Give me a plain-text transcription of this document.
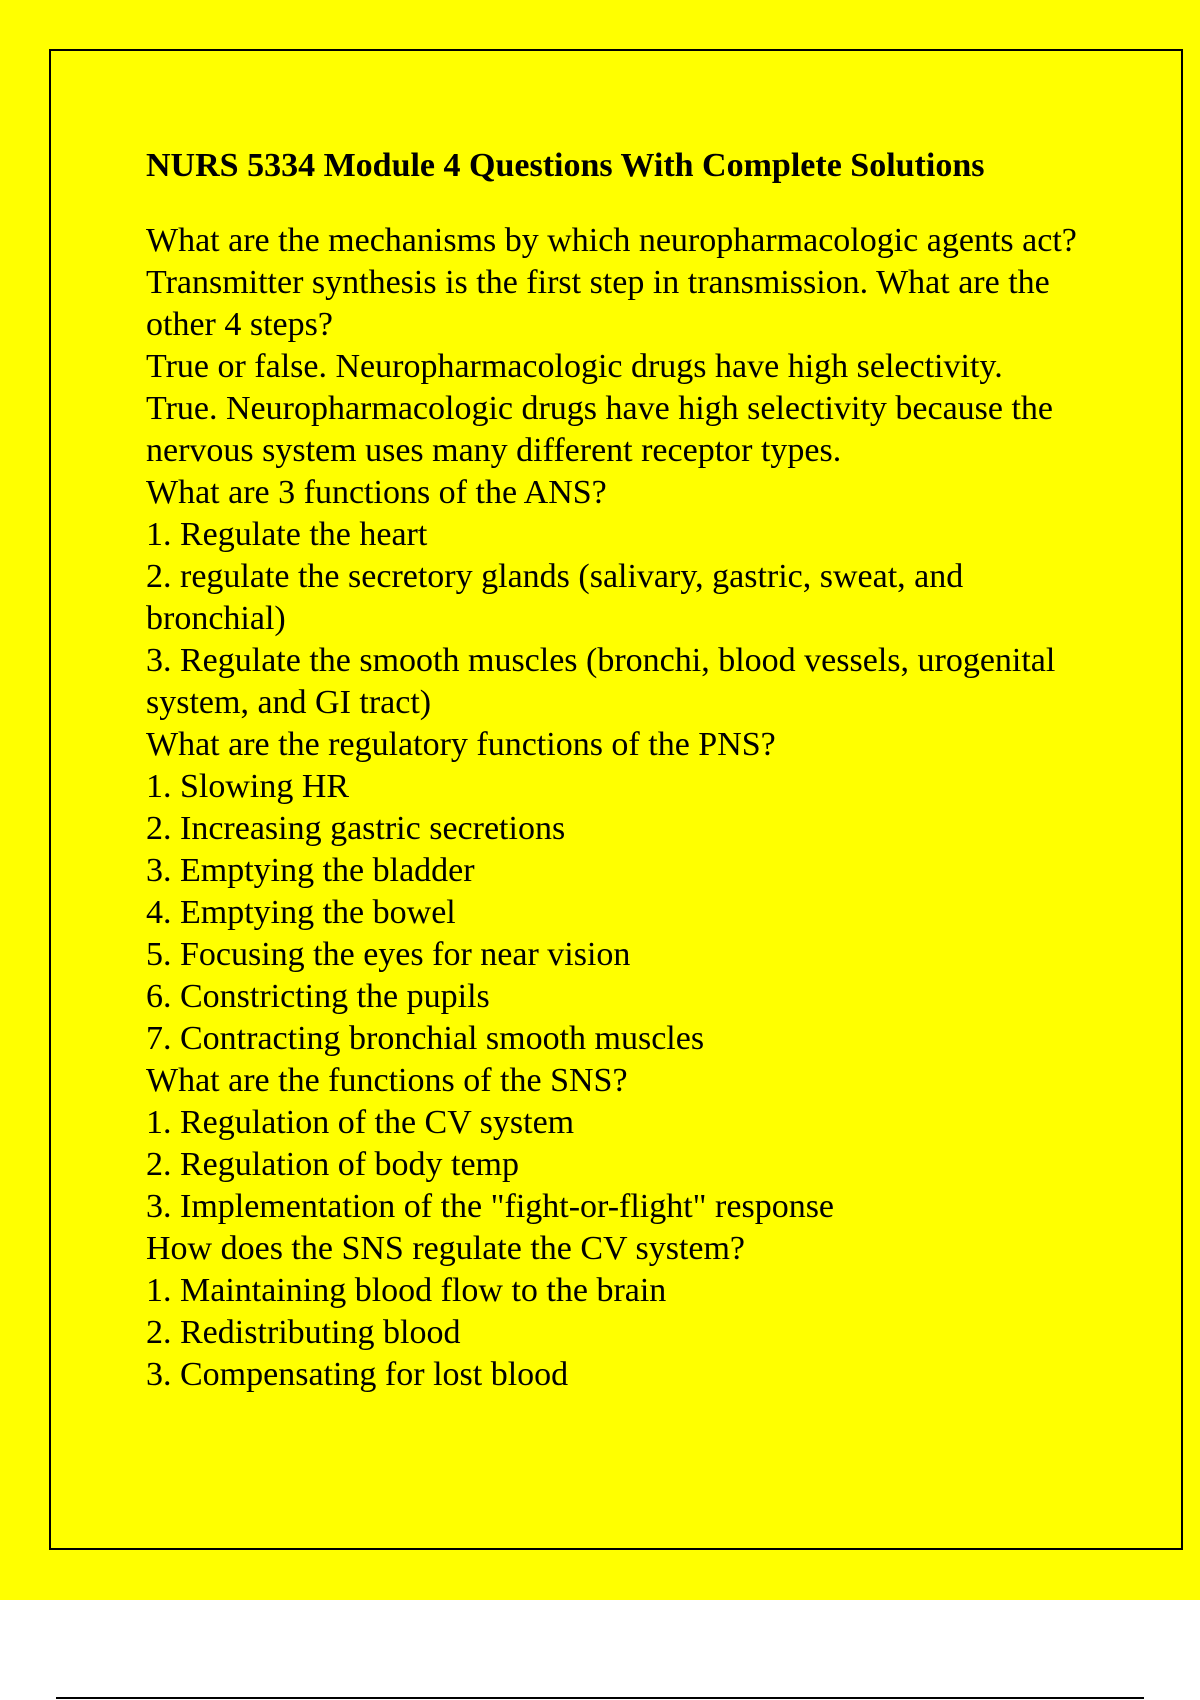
NURS 5334 Module 4 Questions With Complete Solutions

What are the mechanisms by which neuropharmacologic agents act?

Transmitter synthesis is the first step in transmission. What are the other 4 steps?

True or false. Neuropharmacologic drugs have high selectivity.

True. Neuropharmacologic drugs have high selectivity because the nervous system uses many different receptor types.

What are 3 functions of the ANS?

1. Regulate the heart

2. regulate the secretory glands (salivary, gastric, sweat, and bronchial)

3. Regulate the smooth muscles (bronchi, blood vessels, urogenital system, and GI tract)

What are the regulatory functions of the PNS?

1. Slowing HR

2. Increasing gastric secretions

3. Emptying the bladder

4. Emptying the bowel

5. Focusing the eyes for near vision

6. Constricting the pupils

7. Contracting bronchial smooth muscles

What are the functions of the SNS?

1. Regulation of the CV system

2. Regulation of body temp

3. Implementation of the "fight-or-flight" response

How does the SNS regulate the CV system?

1. Maintaining blood flow to the brain

2. Redistributing blood

3. Compensating for lost blood
